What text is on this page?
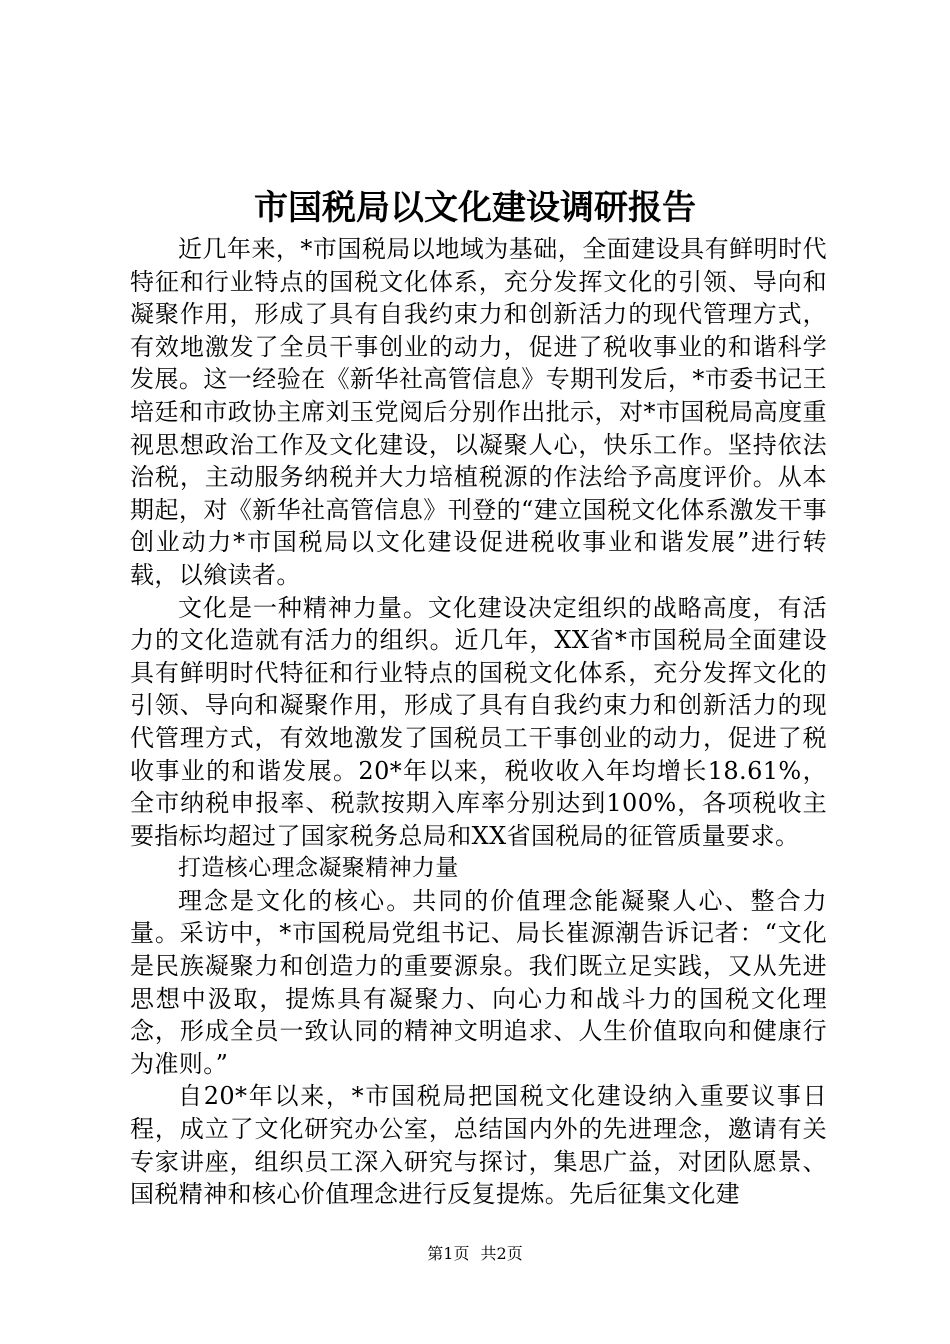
市国税局以文化建设调研报告

近几年来，*市国税局以地域为基础，全面建设具有鲜明时代特征和行业特点的国税文化体系，充分发挥文化的引领、导向和凝聚作用，形成了具有自我约束力和创新活力的现代管理方式，有效地激发了全员干事创业的动力，促进了税收事业的和谐科学发展。这一经验在《新华社高管信息》专期刊发后，*市委书记王培廷和市政协主席刘玉党阅后分别作出批示，对*市国税局高度重视思想政治工作及文化建设，以凝聚人心，快乐工作。坚持依法治税，主动服务纳税并大力培植税源的作法给予高度评价。从本期起，对《新华社高管信息》刊登的“建立国税文化体系激发干事创业动力*市国税局以文化建设促进税收事业和谐发展”进行转载，以飨读者。

文化是一种精神力量。文化建设决定组织的战略高度，有活力的文化造就有活力的组织。近几年，XX省*市国税局全面建设具有鲜明时代特征和行业特点的国税文化体系，充分发挥文化的引领、导向和凝聚作用，形成了具有自我约束力和创新活力的现代管理方式，有效地激发了国税员工干事创业的动力，促进了税收事业的和谐发展。20*年以来，税收收入年均增长18.61%，全市纳税申报率、税款按期入库率分别达到100%，各项税收主要指标均超过了国家税务总局和XX省国税局的征管质量要求。

打造核心理念凝聚精神力量

理念是文化的核心。共同的价值理念能凝聚人心、整合力量。采访中，*市国税局党组书记、局长崔源潮告诉记者：“文化是民族凝聚力和创造力的重要源泉。我们既立足实践，又从先进思想中汲取，提炼具有凝聚力、向心力和战斗力的国税文化理念，形成全员一致认同的精神文明追求、人生价值取向和健康行为准则。”

自20*年以来，*市国税局把国税文化建设纳入重要议事日程，成立了文化研究办公室，总结国内外的先进理念，邀请有关专家讲座，组织员工深入研究与探讨，集思广益，对团队愿景、国税精神和核心价值理念进行反复提炼。先后征集文化建

第1页 共2页
